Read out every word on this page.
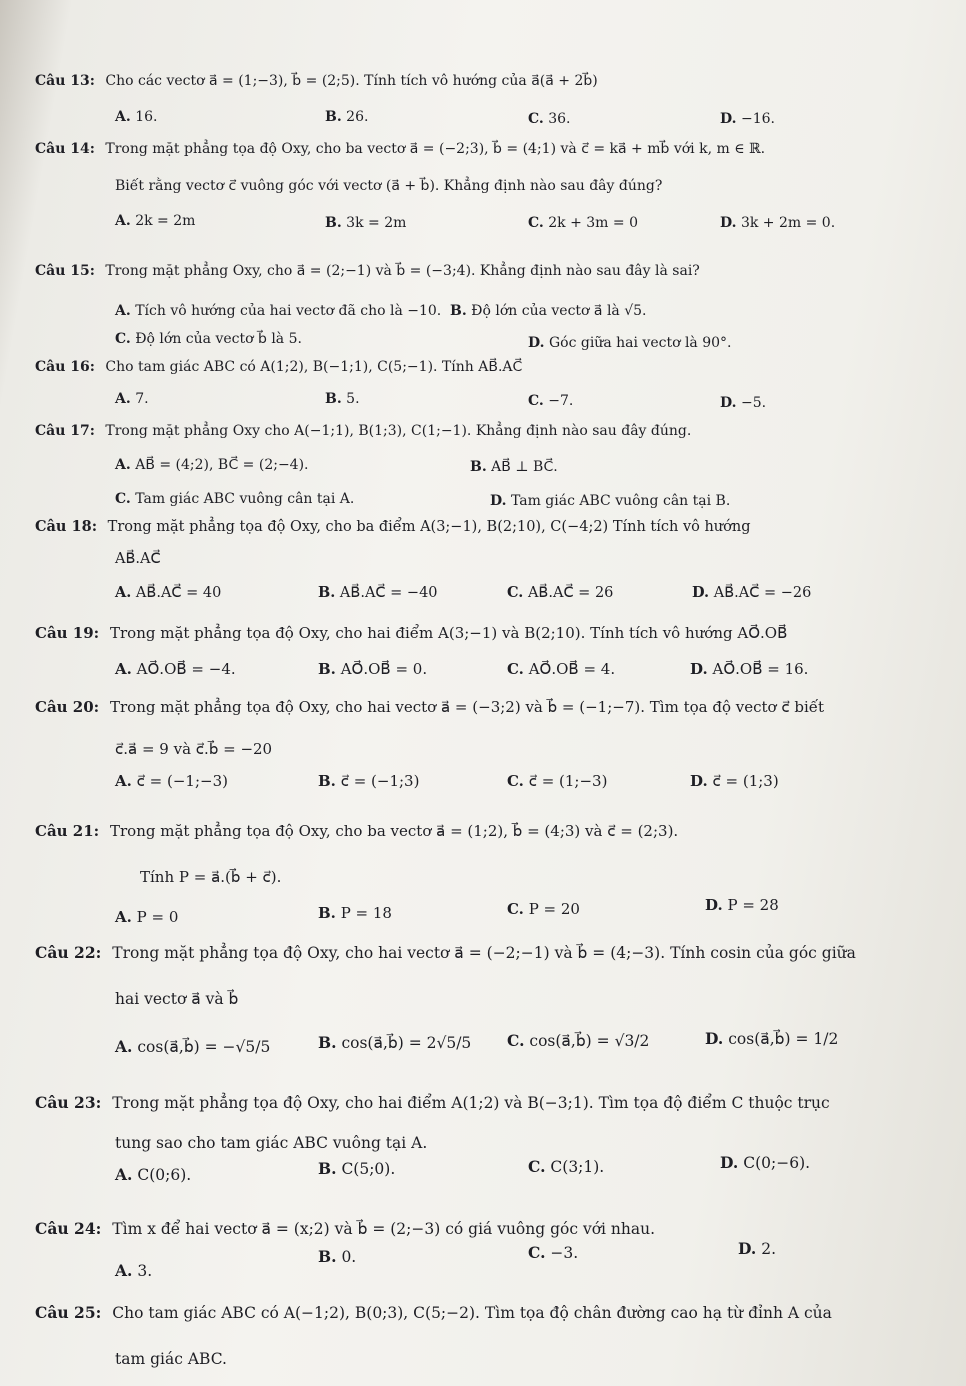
Câu 13: Cho các vectơ a⃗ = (1;−3), b⃗ = (2;5). Tính tích vô hướng của a⃗(a⃗ + 2b⃗)
A. 16.	B. 26.	C. 36.	D. −16.
Câu 14: Trong mặt phẳng tọa độ Oxy, cho ba vectơ a⃗ = (−2;3), b⃗ = (4;1) và c⃗ = ka⃗ + mb⃗ với k, m ∈ ℝ.
Biết rằng vectơ c⃗ vuông góc với vectơ (a⃗ + b⃗). Khẳng định nào sau đây đúng?
A. 2k = 2m	B. 3k = 2m	C. 2k + 3m = 0	D. 3k + 2m = 0.
Câu 15: Trong mặt phẳng Oxy, cho a⃗ = (2;−1) và b⃗ = (−3;4). Khẳng định nào sau đây là sai?
A. Tích vô hướng của hai vectơ đã cho là −10. B. Độ lớn của vectơ a⃗ là √5.
C. Độ lớn của vectơ b⃗ là 5.	D. Góc giữa hai vectơ là 90°.
Câu 16: Cho tam giác ABC có A(1;2), B(−1;1), C(5;−1). Tính AB⃗.AC⃗
A. 7.	B. 5.	C. −7.	D. −5.
Câu 17: Trong mặt phẳng Oxy cho A(−1;1), B(1;3), C(1;−1). Khẳng định nào sau đây đúng.
A. AB⃗ = (4;2), BC⃗ = (2;−4).	B. AB⃗ ⊥ BC⃗.
C. Tam giác ABC vuông cân tại A.	D. Tam giác ABC vuông cân tại B.
Câu 18: Trong mặt phẳng tọa độ Oxy, cho ba điểm A(3;−1), B(2;10), C(−4;2) Tính tích vô hướng
AB⃗.AC⃗
A. AB⃗.AC⃗ = 40	B. AB⃗.AC⃗ = −40	C. AB⃗.AC⃗ = 26	D. AB⃗.AC⃗ = −26
Câu 19: Trong mặt phẳng tọa độ Oxy, cho hai điểm A(3;−1) và B(2;10). Tính tích vô hướng AO⃗.OB⃗
A. AO⃗.OB⃗ = −4.	B. AO⃗.OB⃗ = 0.	C. AO⃗.OB⃗ = 4.	D. AO⃗.OB⃗ = 16.
Câu 20: Trong mặt phẳng tọa độ Oxy, cho hai vectơ a⃗ = (−3;2) và b⃗ = (−1;−7). Tìm tọa độ vectơ c⃗ biết
c⃗.a⃗ = 9 và c⃗.b⃗ = −20
A. c⃗ = (−1;−3)	B. c⃗ = (−1;3)	C. c⃗ = (1;−3)	D. c⃗ = (1;3)
Câu 21: Trong mặt phẳng tọa độ Oxy, cho ba vectơ a⃗ = (1;2), b⃗ = (4;3) và c⃗ = (2;3).
Tính P = a⃗.(b⃗ + c⃗).
A. P = 0	B. P = 18	C. P = 20	D. P = 28
Câu 22: Trong mặt phẳng tọa độ Oxy, cho hai vectơ a⃗ = (−2;−1) và b⃗ = (4;−3). Tính cosin của góc giữa
hai vectơ a⃗ và b⃗
A. cos(a⃗,b⃗) = −√5/5	B. cos(a⃗,b⃗) = 2√5/5 C. cos(a⃗,b⃗) = √3/2	D. cos(a⃗,b⃗) = 1/2
Câu 23: Trong mặt phẳng tọa độ Oxy, cho hai điểm A(1;2) và B(−3;1). Tìm tọa độ điểm C thuộc trục
tung sao cho tam giác ABC vuông tại A.
A. C(0;6).	B. C(5;0).	C. C(3;1).	D. C(0;−6).
Câu 24: Tìm x để hai vectơ a⃗ = (x;2) và b⃗ = (2;−3) có giá vuông góc với nhau.
A. 3.
B. 0.	C. −3.	D. 2.
Câu 25: Cho tam giác ABC có A(−1;2), B(0;3), C(5;−2). Tìm tọa độ chân đường cao hạ từ đỉnh A của
tam giác ABC.
